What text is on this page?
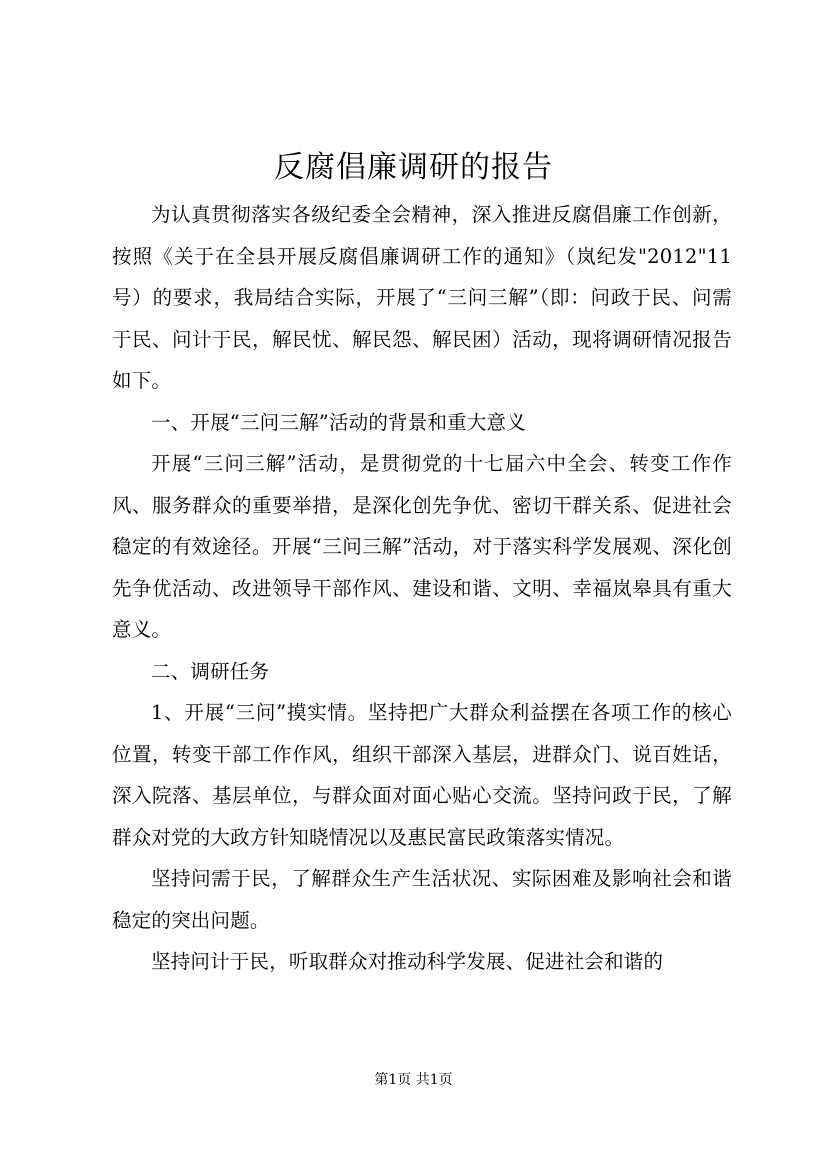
反腐倡廉调研的报告

为认真贯彻落实各级纪委全会精神，深入推进反腐倡廉工作创新，按照《关于在全县开展反腐倡廉调研工作的通知》（岚纪发"2012"11号）的要求，我局结合实际，开展了“三问三解”（即：问政于民、问需于民、问计于民，解民忧、解民怨、解民困）活动，现将调研情况报告如下。

一、开展“三问三解”活动的背景和重大意义

开展“三问三解”活动，是贯彻党的十七届六中全会、转变工作作风、服务群众的重要举措，是深化创先争优、密切干群关系、促进社会稳定的有效途径。开展“三问三解”活动，对于落实科学发展观、深化创先争优活动、改进领导干部作风、建设和谐、文明、幸福岚皋具有重大意义。

二、调研任务

1、开展“三问”摸实情。坚持把广大群众利益摆在各项工作的核心位置，转变干部工作作风，组织干部深入基层，进群众门、说百姓话，深入院落、基层单位，与群众面对面心贴心交流。坚持问政于民，了解群众对党的大政方针知晓情况以及惠民富民政策落实情况。

坚持问需于民，了解群众生产生活状况、实际困难及影响社会和谐稳定的突出问题。

坚持问计于民，听取群众对推动科学发展、促进社会和谐的

第1页 共1页
